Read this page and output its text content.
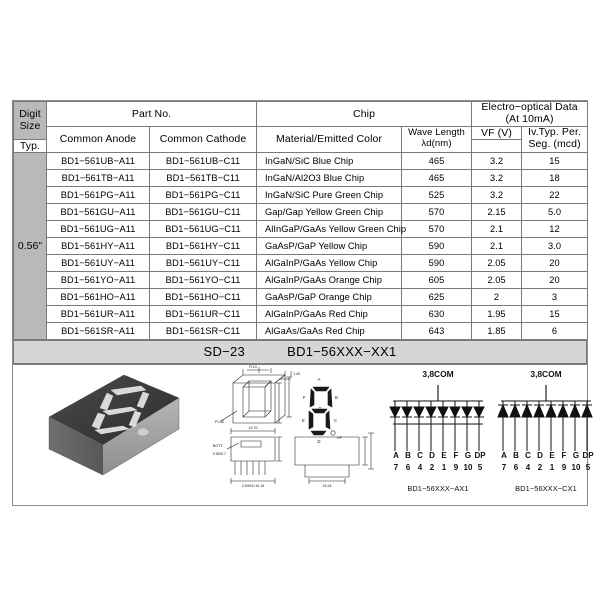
Digit
Size
	Part No.	Chip	
Electro−optical Data
(At 10mA)

Common Anode	Common Cathode	Material/Emitted Color	
Wave Length
λd(nm)
	VF (V)	Iv.Typ. Per.
Seg. (mcd)

Typ.						
0.56"	BD1−561UB−A11	BD1−561UB−C11	InGaN/SiC Blue Chip	465	3.2	15
	BD1−561TB−A11	BD1−561TB−C11	InGaN/Al2O3 Blue Chip	465	3.2	18
	BD1−561PG−A11	BD1−561PG−C11	InGaN/SiC Pure Green Chip	525	3.2	22
	BD1−561GU−A11	BD1−561GU−C11	Gap/Gap Yellow Green Chip	570	2.15	5.0
	BD1−561UG−A11	BD1−561UG−C11	AlInGaP/GaAs Yellow Green Chip	570	2.1	12
	BD1−561HY−A11	BD1−561HY−C11	GaAsP/GaP Yellow Chip	590	2.1	3.0
	BD1−561UY−A11	BD1−561UY−C11	AlGaInP/GaAs Yellow Chip	590	2.05	20
	BD1−561YO−A11	BD1−561YO−C11	AlGaInP/GaAs Orange Chip	605	2.05	20
	BD1−561HO−A11	BD1−561HO−C11	GaAsP/GaP Orange Chip	625	2	3
	BD1−561UR−A11	BD1−561UR−C11	AlGaInP/GaAs Red Chip	630	1.95	15
	BD1−561SR−A11	BD1−561SR−C11	AlGaAs/GaAs Red Chip	643	1.85	6
SD−23	BD1−56XXX−XX1
A
B
C
D
E
F
G
DP
R.10
1.40
P.150
12.70
BOTT.
0.50/0.7
2.54X4=10.16	15.24
3,8COM
A B C D E F G DP
7 6 4 2 1 9 10 5
BD1−56XXX−AX1
3,8COM
A B C D E F G DP
7 6 4 2 1 9 10 5
BD1−56XXX−CX1
